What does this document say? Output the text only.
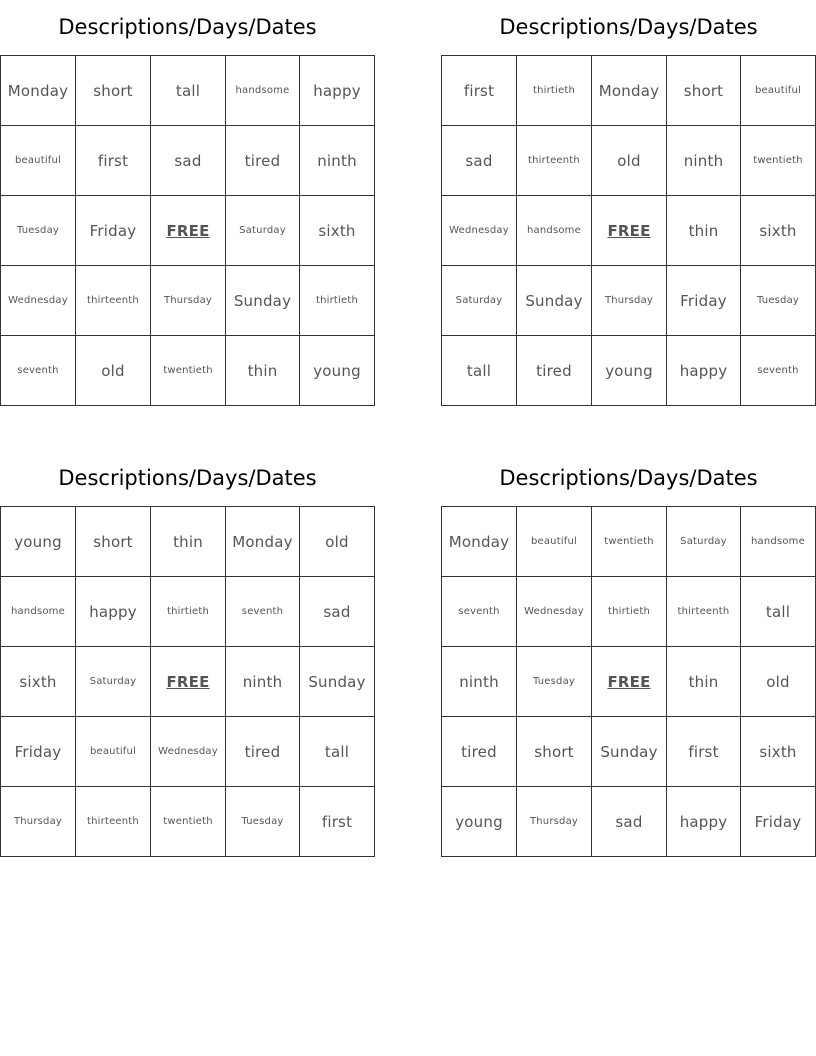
Descriptions/Days/Dates
Monday	short	tall	handsome	happy
beautiful	first	sad	tired	ninth
Tuesday	Friday	FREE	Saturday	sixth
Wednesday	thirteenth	Thursday	Sunday	thirtieth
seventh	old	twentieth	thin	young
Descriptions/Days/Dates
first	thirtieth	Monday	short	beautiful
sad	thirteenth	old	ninth	twentieth
Wednesday	handsome	FREE	thin	sixth
Saturday	Sunday	Thursday	Friday	Tuesday
tall	tired	young	happy	seventh
Descriptions/Days/Dates
young	short	thin	Monday	old
handsome	happy	thirtieth	seventh	sad
sixth	Saturday	FREE	ninth	Sunday
Friday	beautiful	Wednesday	tired	tall
Thursday	thirteenth	twentieth	Tuesday	first
Descriptions/Days/Dates
Monday	beautiful	twentieth	Saturday	handsome
seventh	Wednesday	thirtieth	thirteenth	tall
ninth	Tuesday	FREE	thin	old
tired	short	Sunday	first	sixth
young	Thursday	sad	happy	Friday
